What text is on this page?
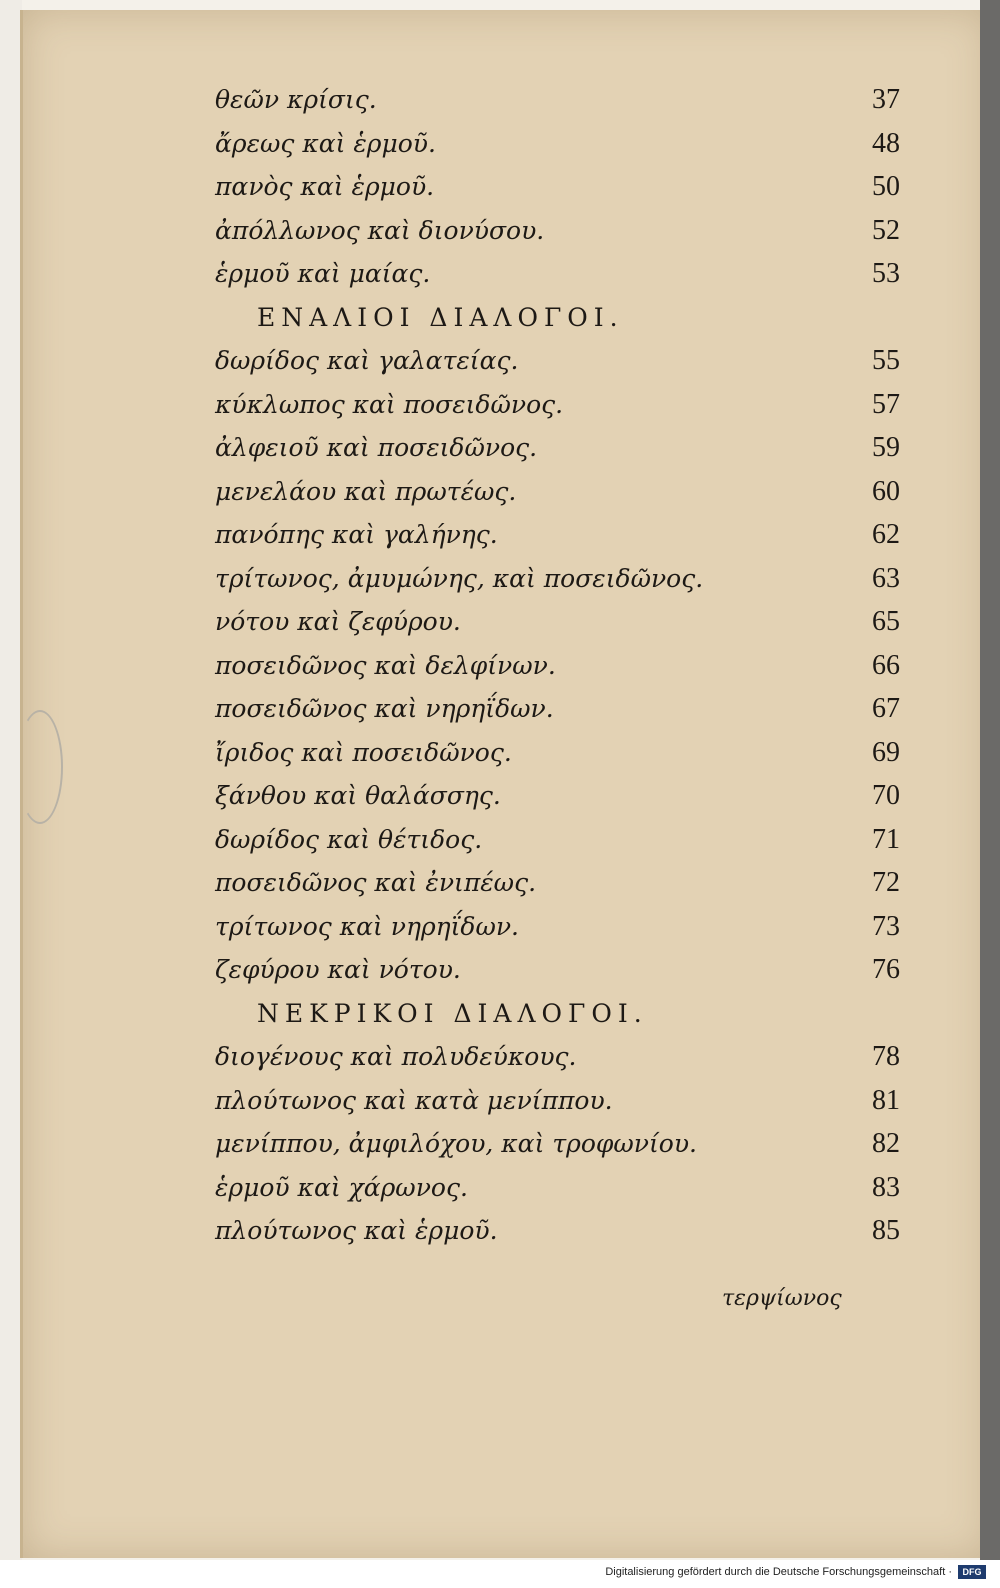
θεῶν κρίσις.	37
ἄρεως καὶ ἑρμοῦ.	48
πανὸς καὶ ἑρμοῦ.	50
ἀπόλλωνος καὶ διονύσου.	52
ἑρμοῦ καὶ μαίας.	53
ΕΝΑΛΙΟΙ ΔΙΑΛΟΓΟΙ.
δωρίδος καὶ γαλατείας.	55
κύκλωπος καὶ ποσειδῶνος.	57
ἀλφειοῦ καὶ ποσειδῶνος.	59
μενελάου καὶ πρωτέως.	60
πανόπης καὶ γαλήνης.	62
τρίτωνος, ἀμυμώνης, καὶ ποσειδῶνος.	63
νότου καὶ ζεφύρου.	65
ποσειδῶνος καὶ δελφίνων.	66
ποσειδῶνος καὶ νηρηΐδων.	67
ἴριδος καὶ ποσειδῶνος.	69
ξάνθου καὶ θαλάσσης.	70
δωρίδος καὶ θέτιδος.	71
ποσειδῶνος καὶ ἐνιπέως.	72
τρίτωνος καὶ νηρηΐδων.	73
ζεφύρου καὶ νότου.	76
ΝΕΚΡΙΚΟΙ ΔΙΑΛΟΓΟΙ.
διογένους καὶ πολυδεύκους.	78
πλούτωνος καὶ κατὰ μενίππου.	81
μενίππου, ἀμφιλόχου, καὶ τροφωνίου.	82
ἑρμοῦ καὶ χάρωνος.	83
πλούτωνος καὶ ἑρμοῦ.	85
τερψίωνος
Digitalisierung gefördert durch die Deutsche Forschungsgemeinschaft ·	DFG
